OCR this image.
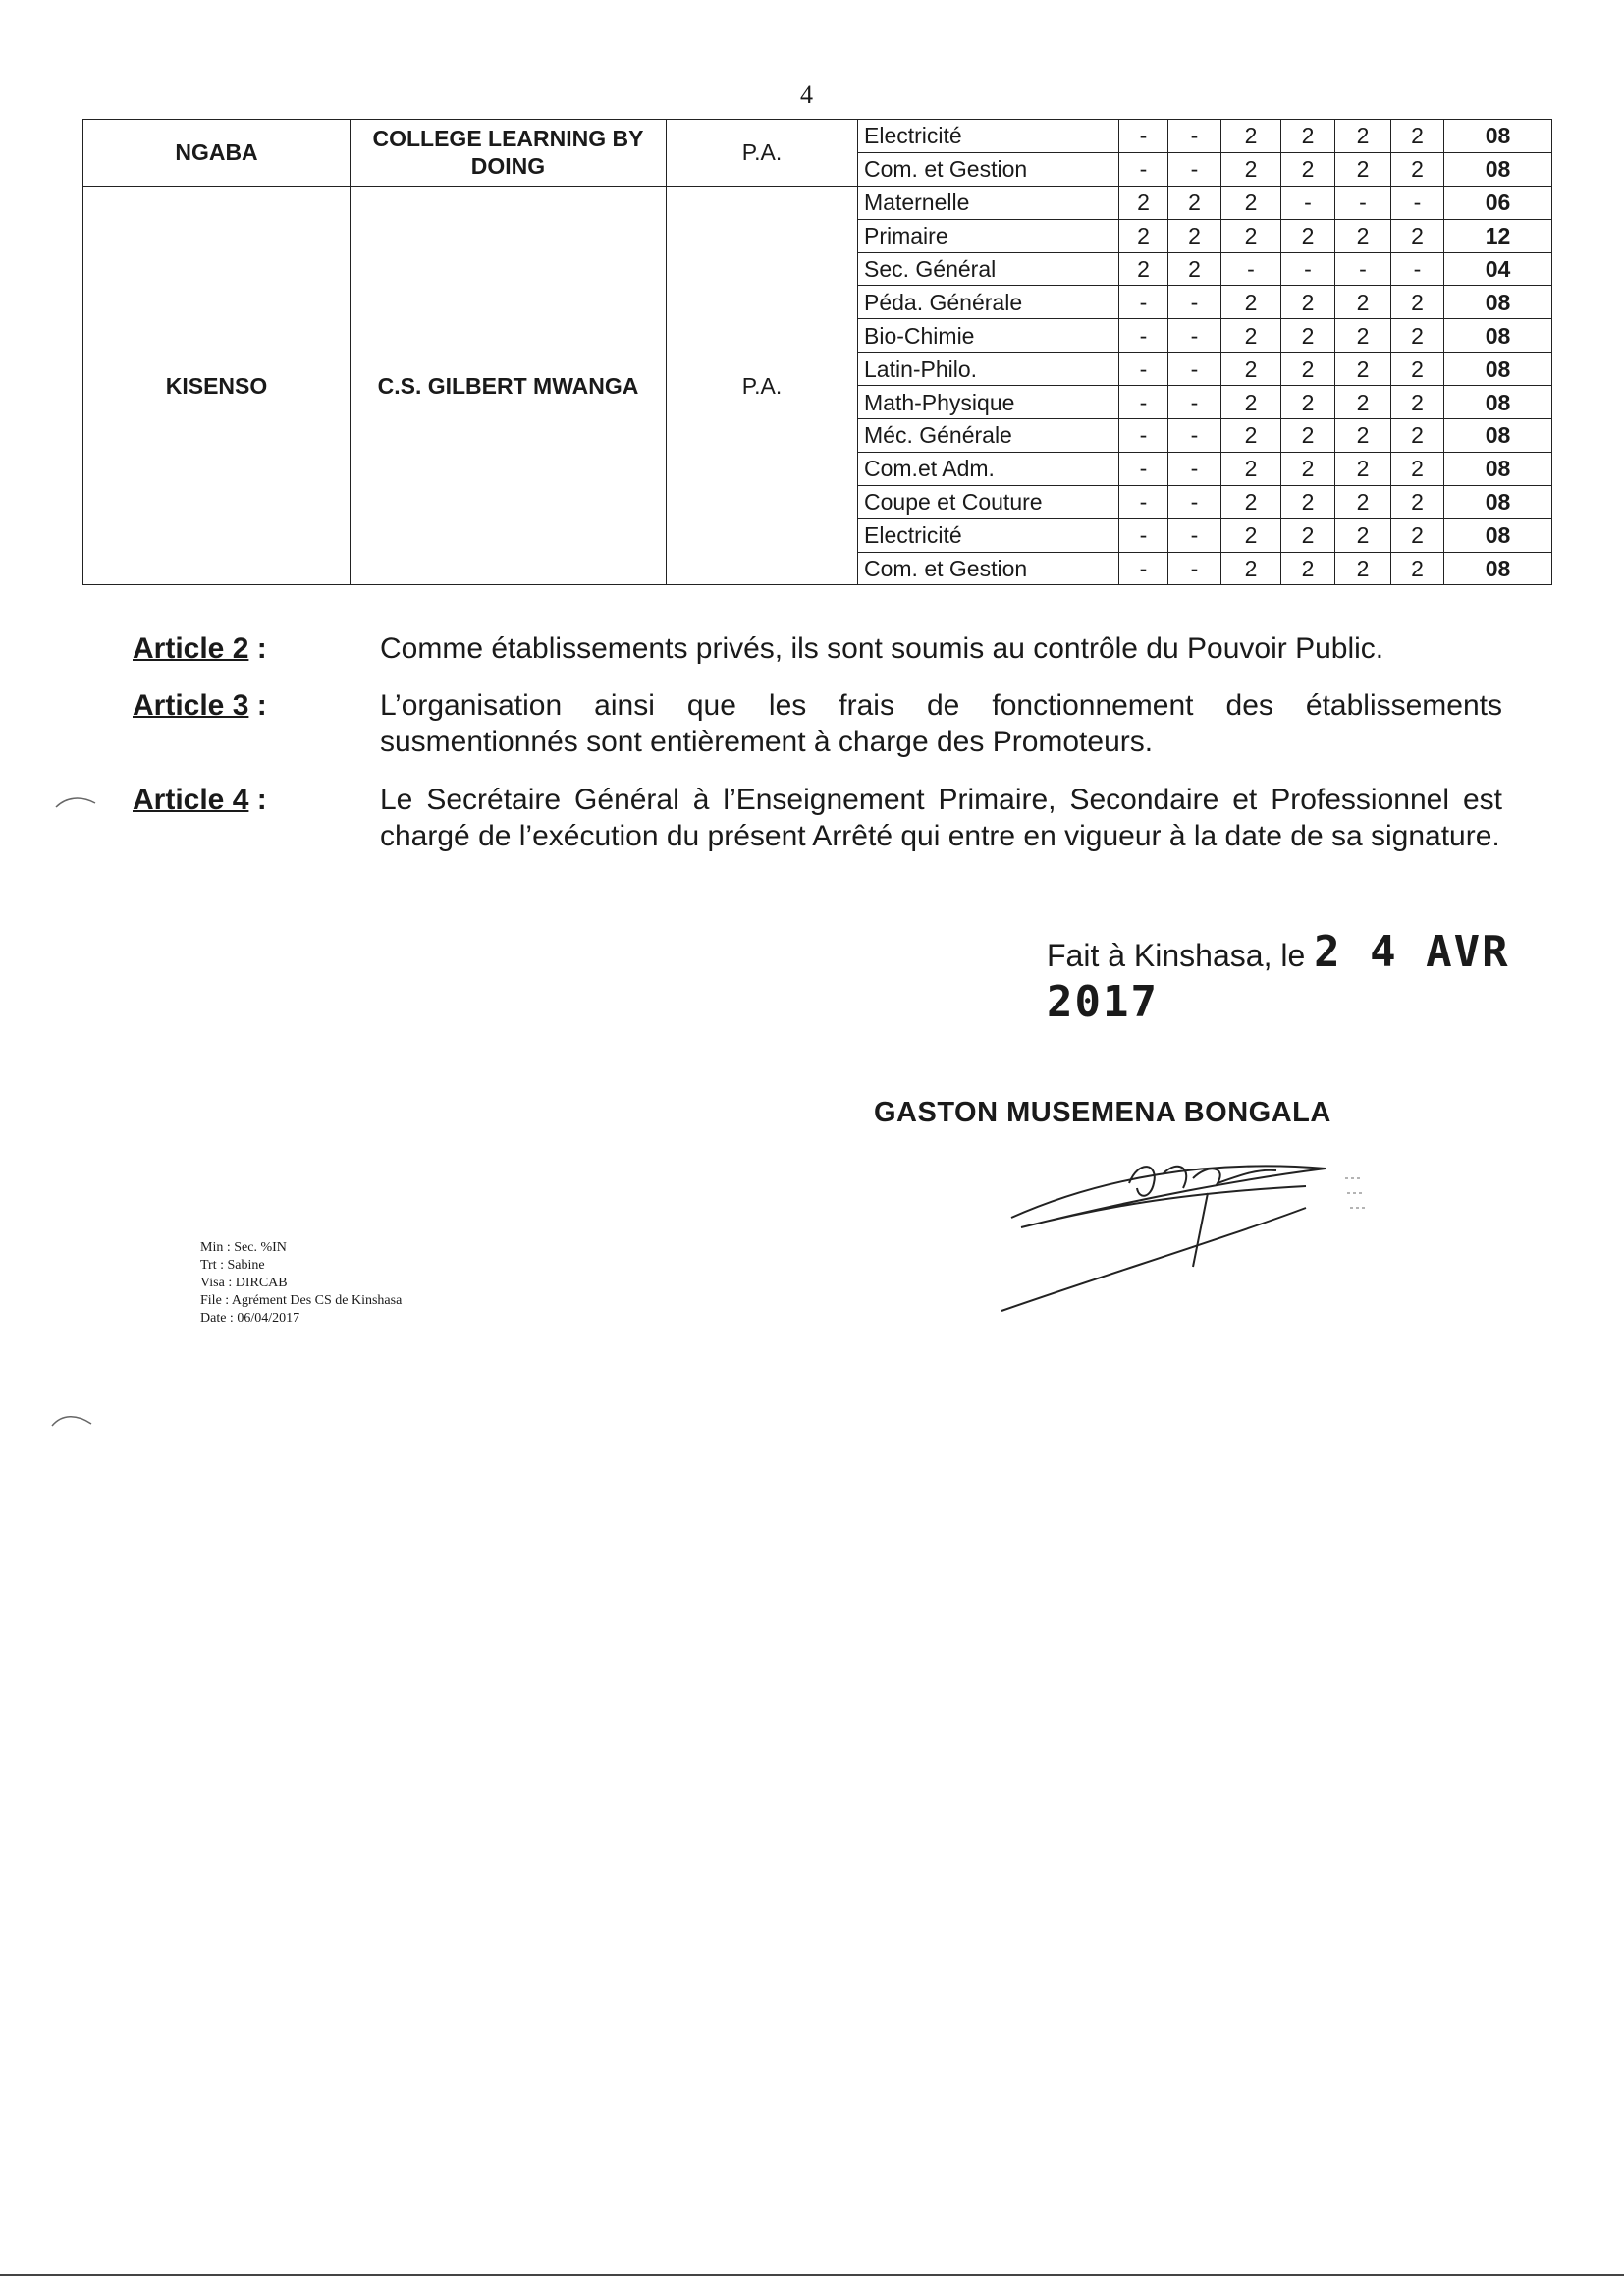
4
NGABA	COLLEGE LEARNING BY DOING	P.A.	Electricité	-	-	2	2	2	2	08
			Com. et Gestion	-	-	2	2	2	2	08
KISENSO	C.S. GILBERT MWANGA	P.A.	Maternelle	2	2	2	-	-	-	06
			Primaire	2	2	2	2	2	2	12
			Sec. Général	2	2	-	-	-	-	04
			Péda. Générale	-	-	2	2	2	2	08
			Bio-Chimie	-	-	2	2	2	2	08
			Latin-Philo.	-	-	2	2	2	2	08
			Math-Physique	-	-	2	2	2	2	08
			Méc. Générale	-	-	2	2	2	2	08
			Com.et Adm.	-	-	2	2	2	2	08
			Coupe et Couture	-	-	2	2	2	2	08
			Electricité	-	-	2	2	2	2	08
			Com. et Gestion	-	-	2	2	2	2	08
Article 2 :	Comme établissements privés, ils sont soumis au contrôle du Pouvoir Public.
Article 3 :	L’organisation ainsi que les frais de fonctionnement des établissements susmentionnés sont entièrement à charge des Promoteurs.
Article 4 :	Le Secrétaire Général à l’Enseignement Primaire, Secondaire et Professionnel est chargé de l’exécution du présent Arrêté qui entre en vigueur à la date de sa signature.
Fait à Kinshasa, le 2 4 AVR 2017
GASTON MUSEMENA BONGALA
Min : Sec. %IN
Trt : Sabine
Visa : DIRCAB
File : Agrément Des CS de Kinshasa
Date : 06/04/2017
